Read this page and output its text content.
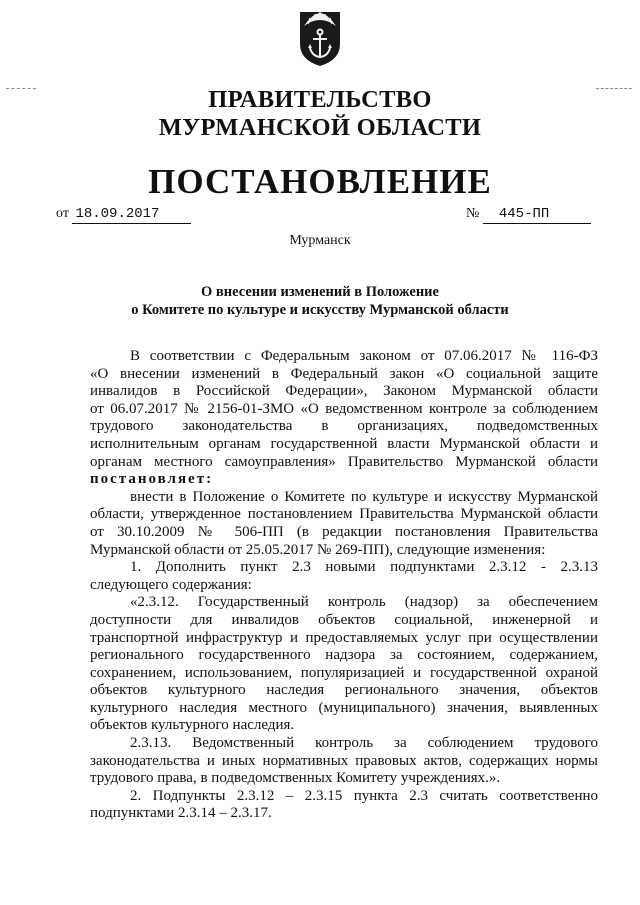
ПРАВИТЕЛЬСТВО
МУРМАНСКОЙ ОБЛАСТИ
ПОСТАНОВЛЕНИЕ
от 18.09.2017	№ 445-ПП
Мурманск
О внесении изменений в Положение
о Комитете по культуре и искусству Мурманской области

В соответствии с Федеральным законом от 07.06.2017 № 116-ФЗ

«О внесении изменений в Федеральный закон «О социальной защите

инвалидов в Российской Федерации», Законом Мурманской области

от 06.07.2017 № 2156-01-ЗМО «О ведомственном контроле за соблюдением

трудового законодательства в организациях, подведомственных

исполнительным органам государственной власти Мурманской области и

органам местного самоуправления» Правительство Мурманской области

постановляет:

внести в Положение о Комитете по культуре и искусству Мурманской

области, утвержденное постановлением Правительства Мурманской области

от 30.10.2009 № 506-ПП (в редакции постановления Правительства

Мурманской области от 25.05.2017 № 269-ПП), следующие изменения:

1. Дополнить пункт 2.3 новыми подпунктами 2.3.12 - 2.3.13

следующего содержания:

«2.3.12. Государственный контроль (надзор) за обеспечением

доступности для инвалидов объектов социальной, инженерной и

транспортной инфраструктур и предоставляемых услуг при осуществлении

регионального государственного надзора за состоянием, содержанием,

сохранением, использованием, популяризацией и государственной охраной

объектов культурного наследия регионального значения, объектов

культурного наследия местного (муниципального) значения, выявленных

объектов культурного наследия.

2.3.13. Ведомственный контроль за соблюдением трудового

законодательства и иных нормативных правовых актов, содержащих нормы

трудового права, в подведомственных Комитету учреждениях.».

2. Подпункты 2.3.12 – 2.3.15 пункта 2.3 считать соответственно

подпунктами 2.3.14 – 2.3.17.
